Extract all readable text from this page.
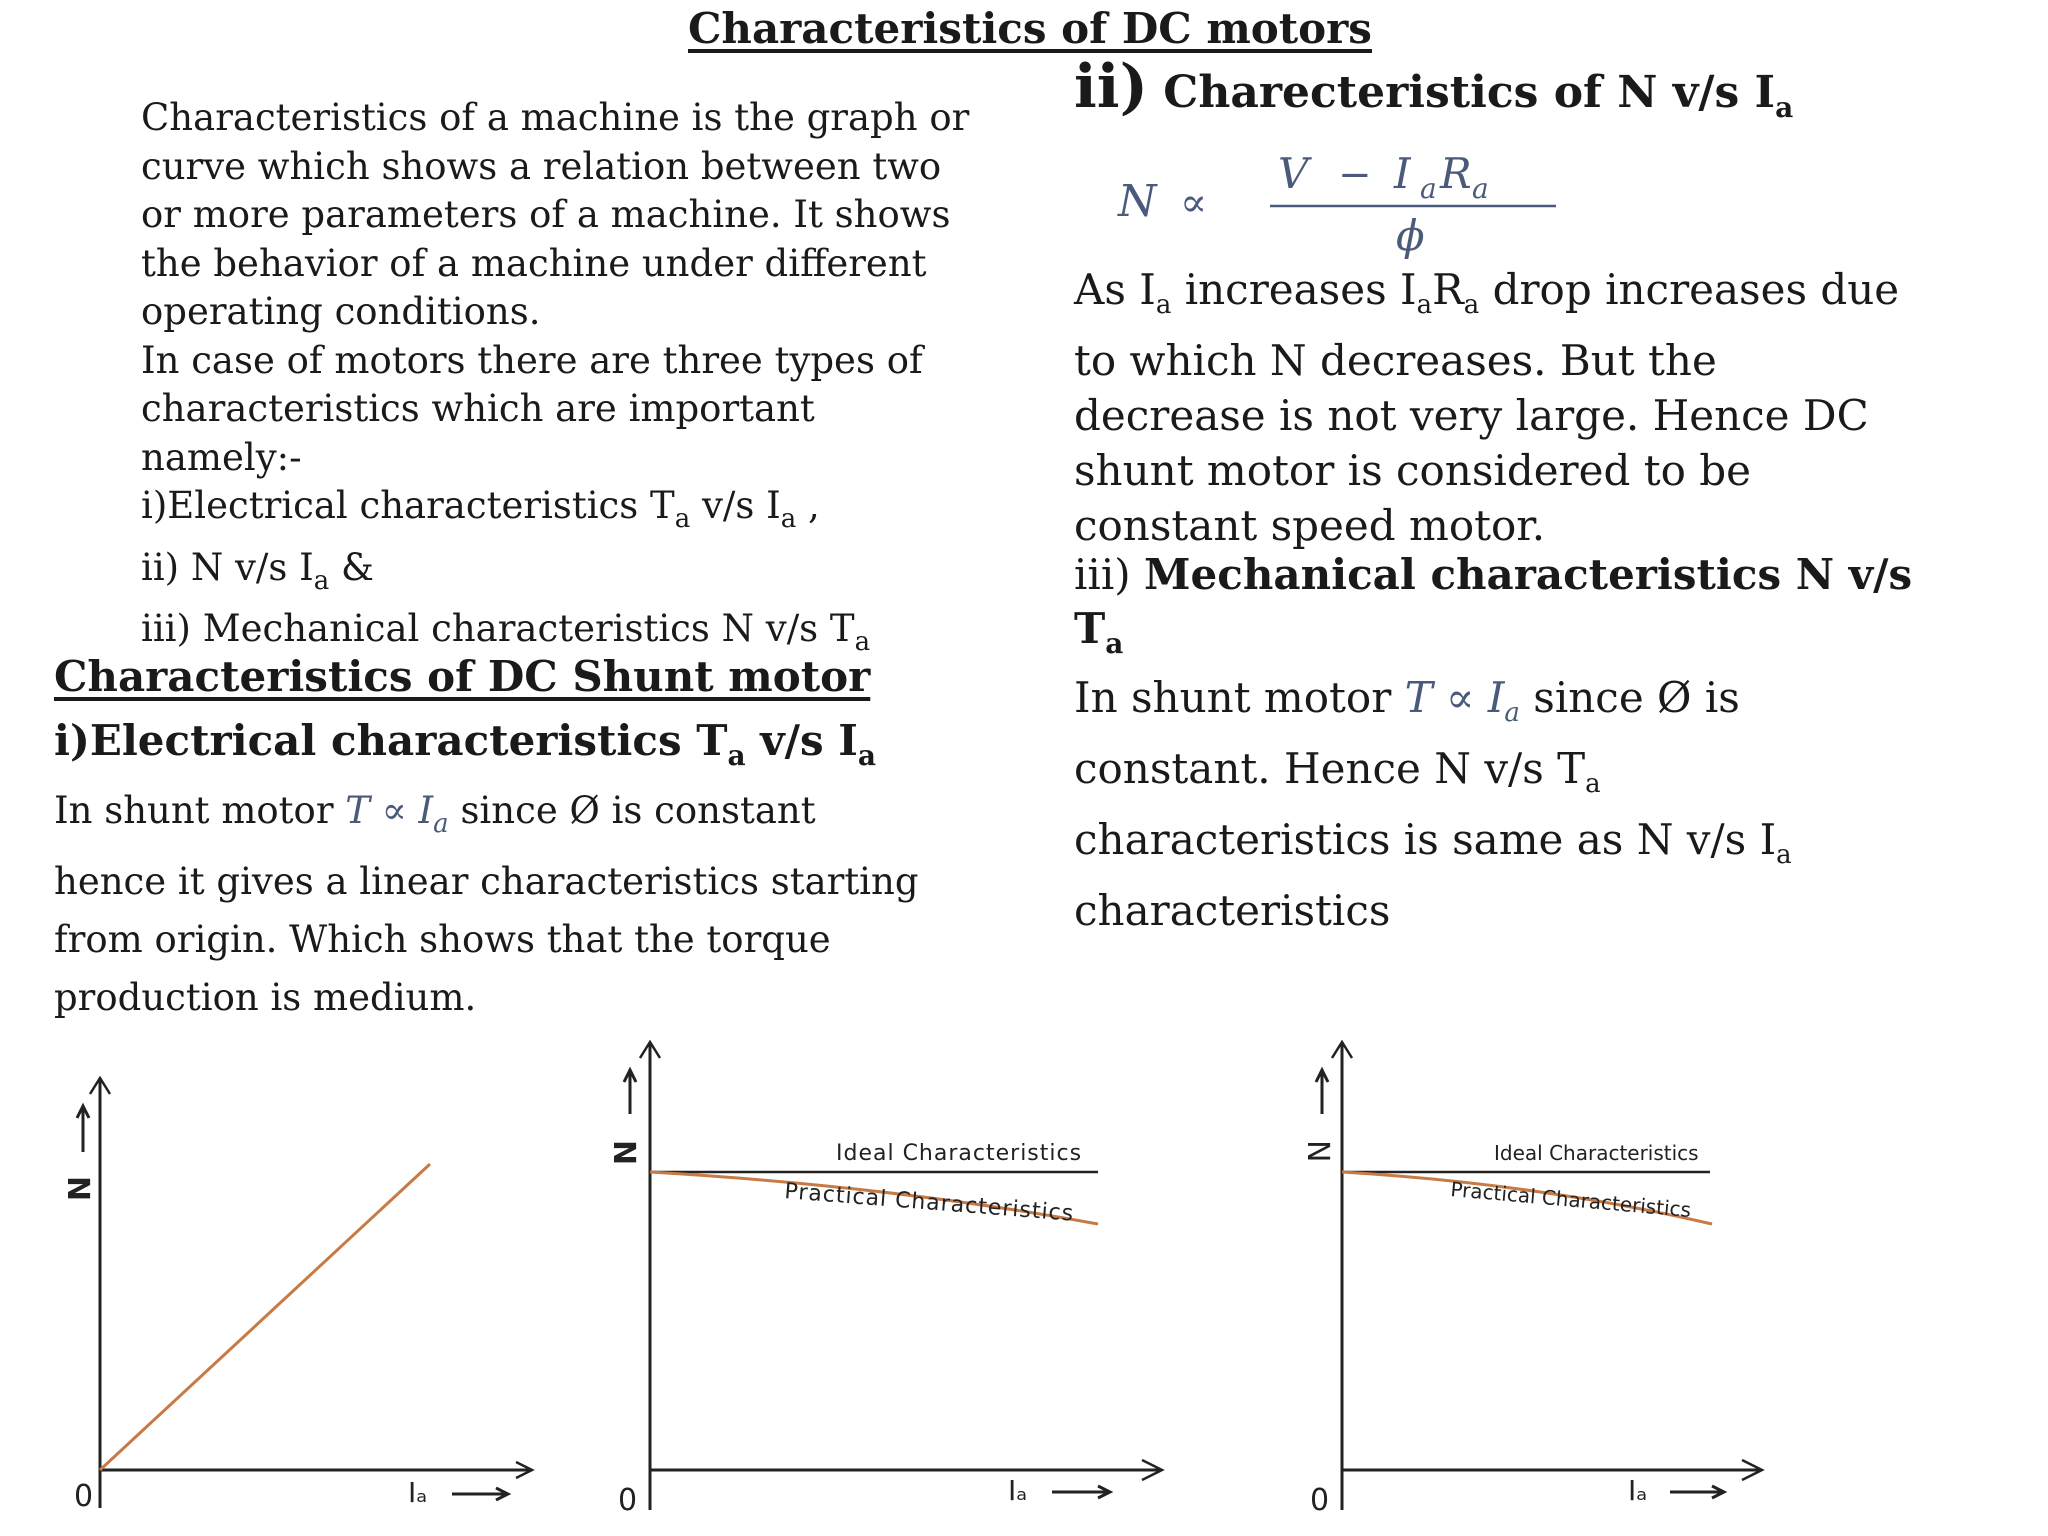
Characteristics of DC motors
Characteristics of a machine is the graph or
curve which shows a relation between two
or more parameters of a machine. It shows
the behavior of a machine under different
operating conditions.
In case of motors there are three types of
characteristics which are important
namely:-
i)Electrical characteristics $T_a$ v/s $I_a$ ,
ii) N v/s $I_a$ &
iii) Mechanical characteristics N v/s $T_a$
Characteristics of DC Shunt motor
i)Electrical characteristics $T_a$ v/s $I_a$
In shunt motor $T \propto I_a$ since Ø is constant
hence it gives a linear characteristics starting
from origin. Which shows that the torque
production is medium.
ii) Charecteristics of N v/s $I_a$
N ∝
V − I a R a
ϕ
As $I_a$ increases $I_aR_a$ drop increases due
to which N decreases. But the
decrease is not very large. Hence DC
shunt motor is considered to be
constant speed motor.
iii) Mechanical characteristics N v/s
$T_a$
In shunt motor $T \propto I_a$ since Ø is
constant. Hence N v/s $T_a$
characteristics is same as N v/s $I_a$
characteristics
0
N
Iₐ
Ideal Characteristics
Practical Characteristics
0
N
Iₐ
Ideal Characteristics
Practical Characteristics
0
N
Iₐ
